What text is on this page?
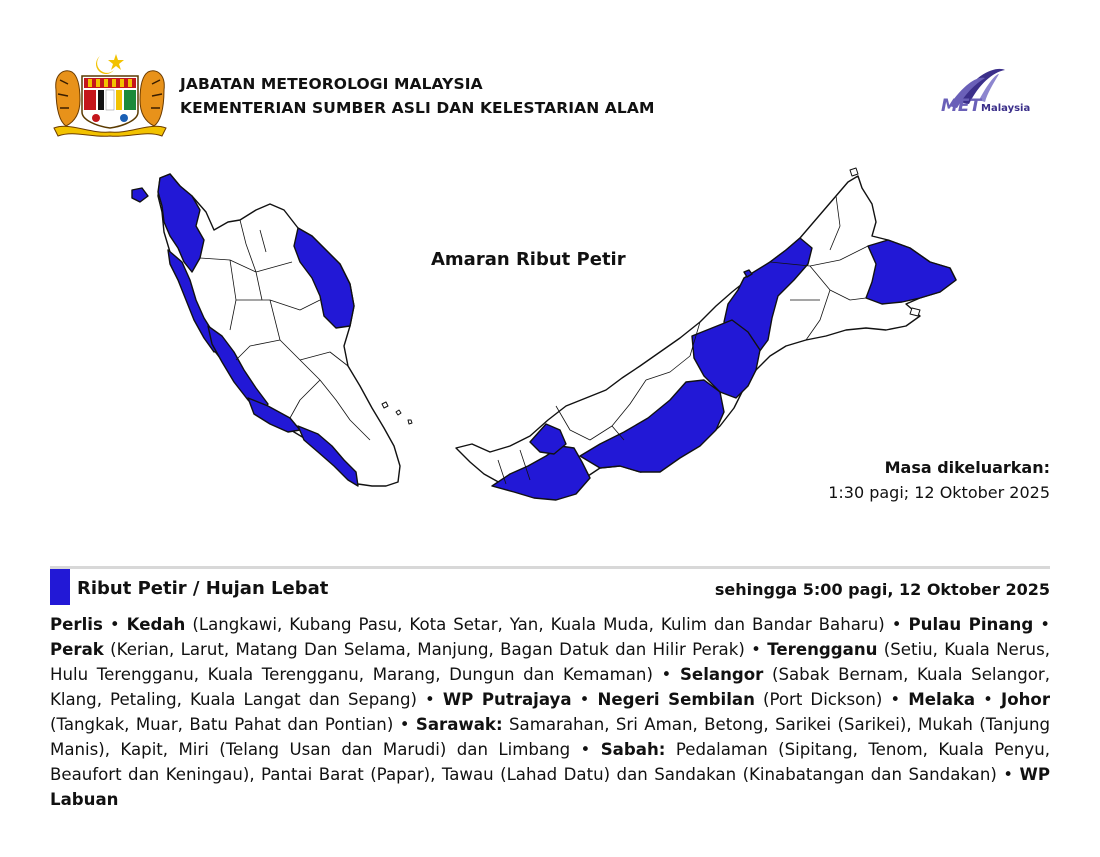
JABATAN METEOROLOGI MALAYSIA
KEMENTERIAN SUMBER ASLI DAN KELESTARIAN ALAM	MET Malaysia
Amaran Ribut Petir
Masa dikeluarkan:
1:30 pagi; 12 Oktober 2025
Ribut Petir / Hujan Lebat	sehingga 5:00 pagi, 12 Oktober 2025
Perlis • Kedah (Langkawi, Kubang Pasu, Kota Setar, Yan, Kuala Muda, Kulim dan Bandar Baharu) • Pulau Pinang • Perak (Kerian, Larut, Matang Dan Selama, Manjung, Bagan Datuk dan Hilir Perak) • Terengganu (Setiu, Kuala Nerus, Hulu Terengganu, Kuala Terengganu, Marang, Dungun dan Kemaman) • Selangor (Sabak Bernam, Kuala Selangor, Klang, Petaling, Kuala Langat dan Sepang) • WP Putrajaya • Negeri Sembilan (Port Dickson) • Melaka • Johor (Tangkak, Muar, Batu Pahat dan Pontian) • Sarawak: Samarahan, Sri Aman, Betong, Sarikei (Sarikei), Mukah (Tanjung Manis), Kapit, Miri (Telang Usan dan Marudi) dan Limbang • Sabah: Pedalaman (Sipitang, Tenom, Kuala Penyu, Beaufort dan Keningau), Pantai Barat (Papar), Tawau (Lahad Datu) dan Sandakan (Kinabatangan dan Sandakan) • WP Labuan
